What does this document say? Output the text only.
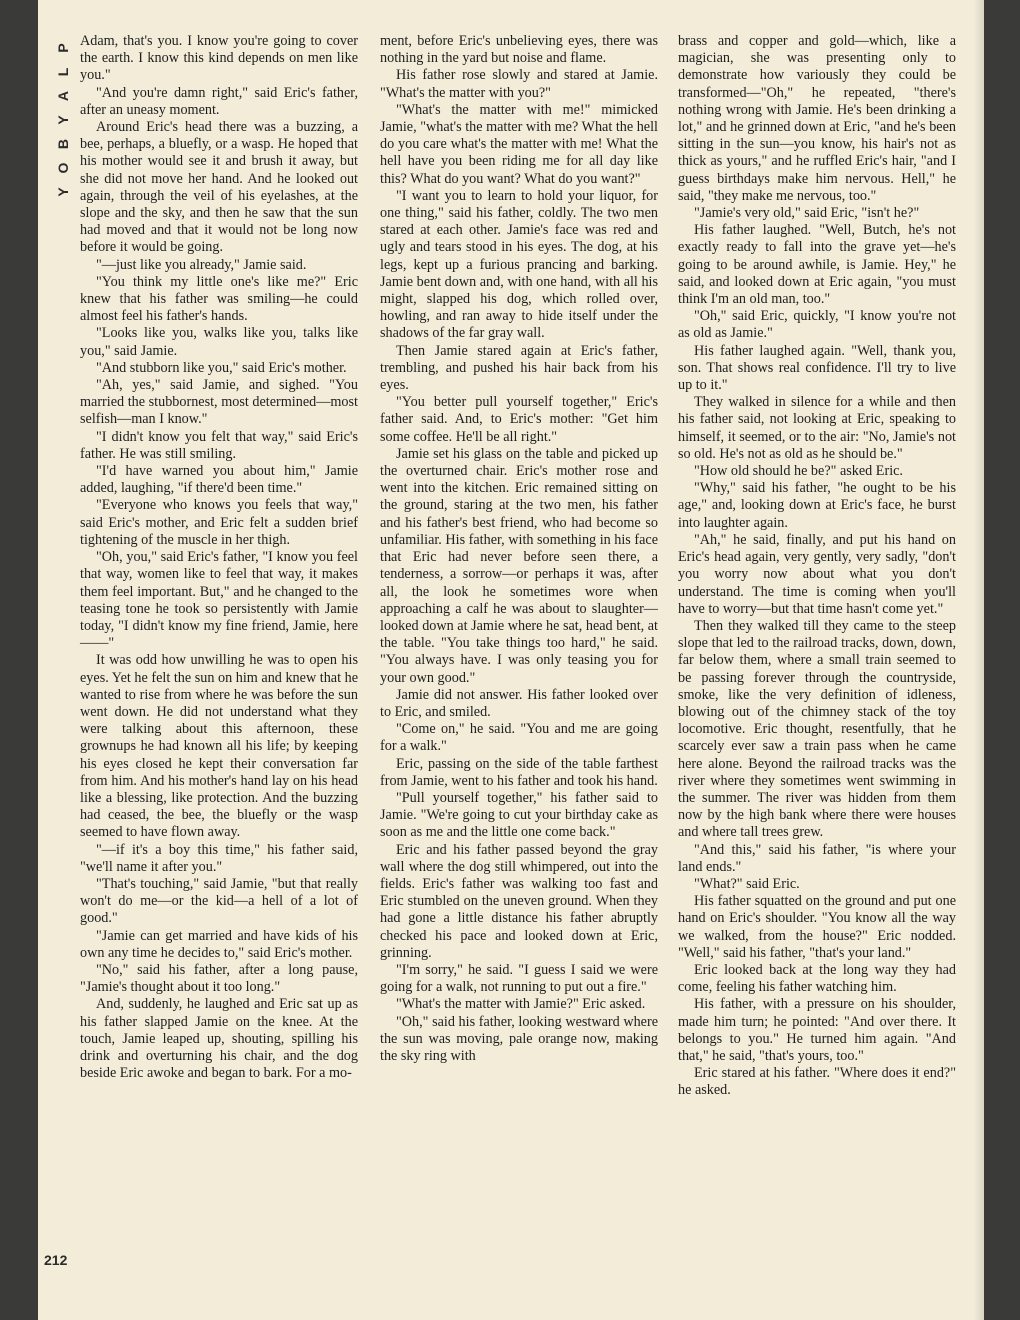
P
L
A
Y
B
O
Y
212

Adam, that's you. I know you're going to cover the earth. I know this kind depends on men like you."

"And you're damn right," said Eric's father, after an uneasy moment.

Around Eric's head there was a buzzing, a bee, perhaps, a bluefly, or a wasp. He hoped that his mother would see it and brush it away, but she did not move her hand. And he looked out again, through the veil of his eyelashes, at the slope and the sky, and then he saw that the sun had moved and that it would not be long now before it would be going.

"—just like you already," Jamie said.

"You think my little one's like me?" Eric knew that his father was smiling—he could almost feel his father's hands.

"Looks like you, walks like you, talks like you," said Jamie.

"And stubborn like you," said Eric's mother.

"Ah, yes," said Jamie, and sighed. "You married the stubbornest, most determined—most selfish—man I know."

"I didn't know you felt that way," said Eric's father. He was still smiling.

"I'd have warned you about him," Jamie added, laughing, "if there'd been time."

"Everyone who knows you feels that way," said Eric's mother, and Eric felt a sudden brief tightening of the muscle in her thigh.

"Oh, you," said Eric's father, "I know you feel that way, women like to feel that way, it makes them feel important. But," and he changed to the teasing tone he took so persistently with Jamie today, "I didn't know my fine friend, Jamie, here——"

It was odd how unwilling he was to open his eyes. Yet he felt the sun on him and knew that he wanted to rise from where he was before the sun went down. He did not understand what they were talking about this afternoon, these grownups he had known all his life; by keeping his eyes closed he kept their conversation far from him. And his mother's hand lay on his head like a blessing, like protection. And the buzzing had ceased, the bee, the bluefly or the wasp seemed to have flown away.

"—if it's a boy this time," his father said, "we'll name it after you."

"That's touching," said Jamie, "but that really won't do me—or the kid—a hell of a lot of good."

"Jamie can get married and have kids of his own any time he decides to," said Eric's mother.

"No," said his father, after a long pause, "Jamie's thought about it too long."

And, suddenly, he laughed and Eric sat up as his father slapped Jamie on the knee. At the touch, Jamie leaped up, shouting, spilling his drink and overturning his chair, and the dog beside Eric awoke and began to bark. For a mo-

ment, before Eric's unbelieving eyes, there was nothing in the yard but noise and flame.

His father rose slowly and stared at Jamie. "What's the matter with you?"

"What's the matter with me!" mimicked Jamie, "what's the matter with me? What the hell do you care what's the matter with me! What the hell have you been riding me for all day like this? What do you want? What do you want?"

"I want you to learn to hold your liquor, for one thing," said his father, coldly. The two men stared at each other. Jamie's face was red and ugly and tears stood in his eyes. The dog, at his legs, kept up a furious prancing and barking. Jamie bent down and, with one hand, with all his might, slapped his dog, which rolled over, howling, and ran away to hide itself under the shadows of the far gray wall.

Then Jamie stared again at Eric's father, trembling, and pushed his hair back from his eyes.

"You better pull yourself together," Eric's father said. And, to Eric's mother: "Get him some coffee. He'll be all right."

Jamie set his glass on the table and picked up the overturned chair. Eric's mother rose and went into the kitchen. Eric remained sitting on the ground, staring at the two men, his father and his father's best friend, who had become so unfamiliar. His father, with something in his face that Eric had never before seen there, a tenderness, a sorrow—or perhaps it was, after all, the look he sometimes wore when approaching a calf he was about to slaughter—looked down at Jamie where he sat, head bent, at the table. "You take things too hard," he said. "You always have. I was only teasing you for your own good."

Jamie did not answer. His father looked over to Eric, and smiled.

"Come on," he said. "You and me are going for a walk."

Eric, passing on the side of the table farthest from Jamie, went to his father and took his hand.

"Pull yourself together," his father said to Jamie. "We're going to cut your birthday cake as soon as me and the little one come back."

Eric and his father passed beyond the gray wall where the dog still whimpered, out into the fields. Eric's father was walking too fast and Eric stumbled on the uneven ground. When they had gone a little distance his father abruptly checked his pace and looked down at Eric, grinning.

"I'm sorry," he said. "I guess I said we were going for a walk, not running to put out a fire."

"What's the matter with Jamie?" Eric asked.

"Oh," said his father, looking westward where the sun was moving, pale orange now, making the sky ring with

brass and copper and gold—which, like a magician, she was presenting only to demonstrate how variously they could be transformed—"Oh," he repeated, "there's nothing wrong with Jamie. He's been drinking a lot," and he grinned down at Eric, "and he's been sitting in the sun—you know, his hair's not as thick as yours," and he ruffled Eric's hair, "and I guess birthdays make him nervous. Hell," he said, "they make me nervous, too."

"Jamie's very old," said Eric, "isn't he?"

His father laughed. "Well, Butch, he's not exactly ready to fall into the grave yet—he's going to be around awhile, is Jamie. Hey," he said, and looked down at Eric again, "you must think I'm an old man, too."

"Oh," said Eric, quickly, "I know you're not as old as Jamie."

His father laughed again. "Well, thank you, son. That shows real confidence. I'll try to live up to it."

They walked in silence for a while and then his father said, not looking at Eric, speaking to himself, it seemed, or to the air: "No, Jamie's not so old. He's not as old as he should be."

"How old should he be?" asked Eric.

"Why," said his father, "he ought to be his age," and, looking down at Eric's face, he burst into laughter again.

"Ah," he said, finally, and put his hand on Eric's head again, very gently, very sadly, "don't you worry now about what you don't understand. The time is coming when you'll have to worry—but that time hasn't come yet."

Then they walked till they came to the steep slope that led to the railroad tracks, down, down, far below them, where a small train seemed to be passing forever through the countryside, smoke, like the very definition of idleness, blowing out of the chimney stack of the toy locomotive. Eric thought, resentfully, that he scarcely ever saw a train pass when he came here alone. Beyond the railroad tracks was the river where they sometimes went swimming in the summer. The river was hidden from them now by the high bank where there were houses and where tall trees grew.

"And this," said his father, "is where your land ends."

"What?" said Eric.

His father squatted on the ground and put one hand on Eric's shoulder. "You know all the way we walked, from the house?" Eric nodded. "Well," said his father, "that's your land."

Eric looked back at the long way they had come, feeling his father watching him.

His father, with a pressure on his shoulder, made him turn; he pointed: "And over there. It belongs to you." He turned him again. "And that," he said, "that's yours, too."

Eric stared at his father. "Where does it end?" he asked.
